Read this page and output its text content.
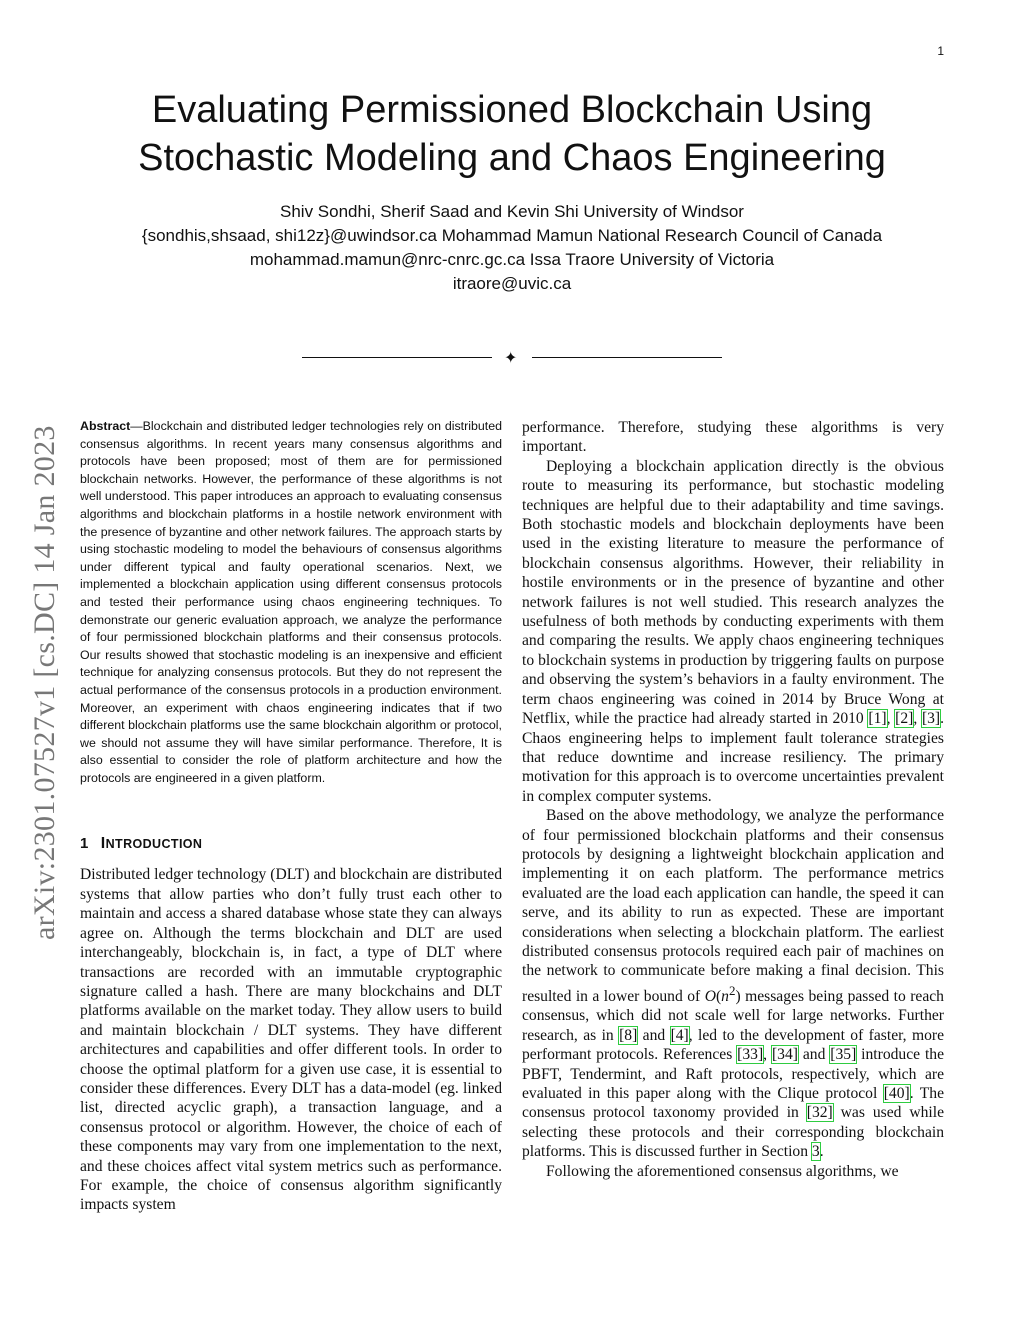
1
Evaluating Permissioned Blockchain Using
Stochastic Modeling and Chaos Engineering
Shiv Sondhi, Sherif Saad and Kevin Shi University of Windsor
{sondhis,shsaad, shi12z}@uwindsor.ca Mohammad Mamun National Research Council of Canada
mohammad.mamun@nrc-cnrc.gc.ca Issa Traore University of Victoria
itraore@uvic.ca
✦
arXiv:2301.07527v1 [cs.DC] 14 Jan 2023 Abstract—Blockchain and distributed ledger technologies rely on distributed consensus algorithms. In recent years many consensus algorithms and protocols have been proposed; most of them are for permissioned blockchain networks. However, the performance of these algorithms is not well understood. This paper introduces an approach to evaluating consensus algorithms and blockchain platforms in a hostile network environment with the presence of byzantine and other network failures. The approach starts by using stochastic modeling to model the behaviours of consensus algorithms under different typical and faulty operational scenarios. Next, we implemented a blockchain application using different consensus protocols and tested their performance using chaos engineering techniques. To demonstrate our generic evaluation approach, we analyze the performance of four permissioned blockchain platforms and their consensus protocols. Our results showed that stochastic modeling is an inexpensive and efficient technique for analyzing consensus protocols. But they do not represent the actual performance of the consensus protocols in a production environment. Moreover, an experiment with chaos engineering indicates that if two different blockchain platforms use the same blockchain algorithm or protocol, we should not assume they will have similar performance. Therefore, It is also essential to consider the role of platform architecture and how the protocols are engineered in a given platform.

1 INTRODUCTION

Distributed ledger technology (DLT) and blockchain are distributed systems that allow parties who don’t fully trust each other to maintain and access a shared database whose state they can always agree on. Although the terms blockchain and DLT are used interchangeably, blockchain is, in fact, a type of DLT where transactions are recorded with an immutable cryptographic signature called a hash. There are many blockchains and DLT platforms available on the market today. They allow users to build and maintain blockchain / DLT systems. They have different architectures and capabilities and offer different tools. In order to choose the optimal platform for a given use case, it is essential to consider these differences. Every DLT has a data-model (eg. linked list, directed acyclic graph), a transaction language, and a consensus protocol or algorithm. However, the choice of each of these components may vary from one implementation to the next, and these choices affect vital system metrics such as performance. For example, the choice of consensus algorithm significantly impacts system

performance. Therefore, studying these algorithms is very important.

Deploying a blockchain application directly is the obvious route to measuring its performance, but stochastic modeling techniques are helpful due to their adaptability and time savings. Both stochastic models and blockchain deployments have been used in the existing literature to measure the performance of blockchain consensus algorithms. However, their reliability in hostile environments or in the presence of byzantine and other network failures is not well studied. This research analyzes the usefulness of both methods by conducting experiments with them and comparing the results. We apply chaos engineering techniques to blockchain systems in production by triggering faults on purpose and observing the system’s behaviors in a faulty environment. The term chaos engineering was coined in 2014 by Bruce Wong at Netflix, while the practice had already started in 2010 [1], [2], [3]. Chaos engineering helps to implement fault tolerance strategies that reduce downtime and increase resiliency. The primary motivation for this approach is to overcome uncertainties prevalent in complex computer systems.

Based on the above methodology, we analyze the performance of four permissioned blockchain platforms and their consensus protocols by designing a lightweight blockchain application and implementing it on each platform. The performance metrics evaluated are the load each application can handle, the speed it can serve, and its ability to run as expected. These are important considerations when selecting a blockchain platform. The earliest distributed consensus protocols required each pair of machines on the network to communicate before making a final decision. This resulted in a lower bound of $O(n^2)$ messages being passed to reach consensus, which did not scale well for large networks. Further research, as in [8] and [4], led to the development of faster, more performant protocols. References [33], [34] and [35] introduce the PBFT, Tendermint, and Raft protocols, respectively, which are evaluated in this paper along with the Clique protocol [40]. The consensus protocol taxonomy provided in [32] was used while selecting these protocols and their corresponding blockchain platforms. This is discussed further in Section 3.

Following the aforementioned consensus algorithms, we
